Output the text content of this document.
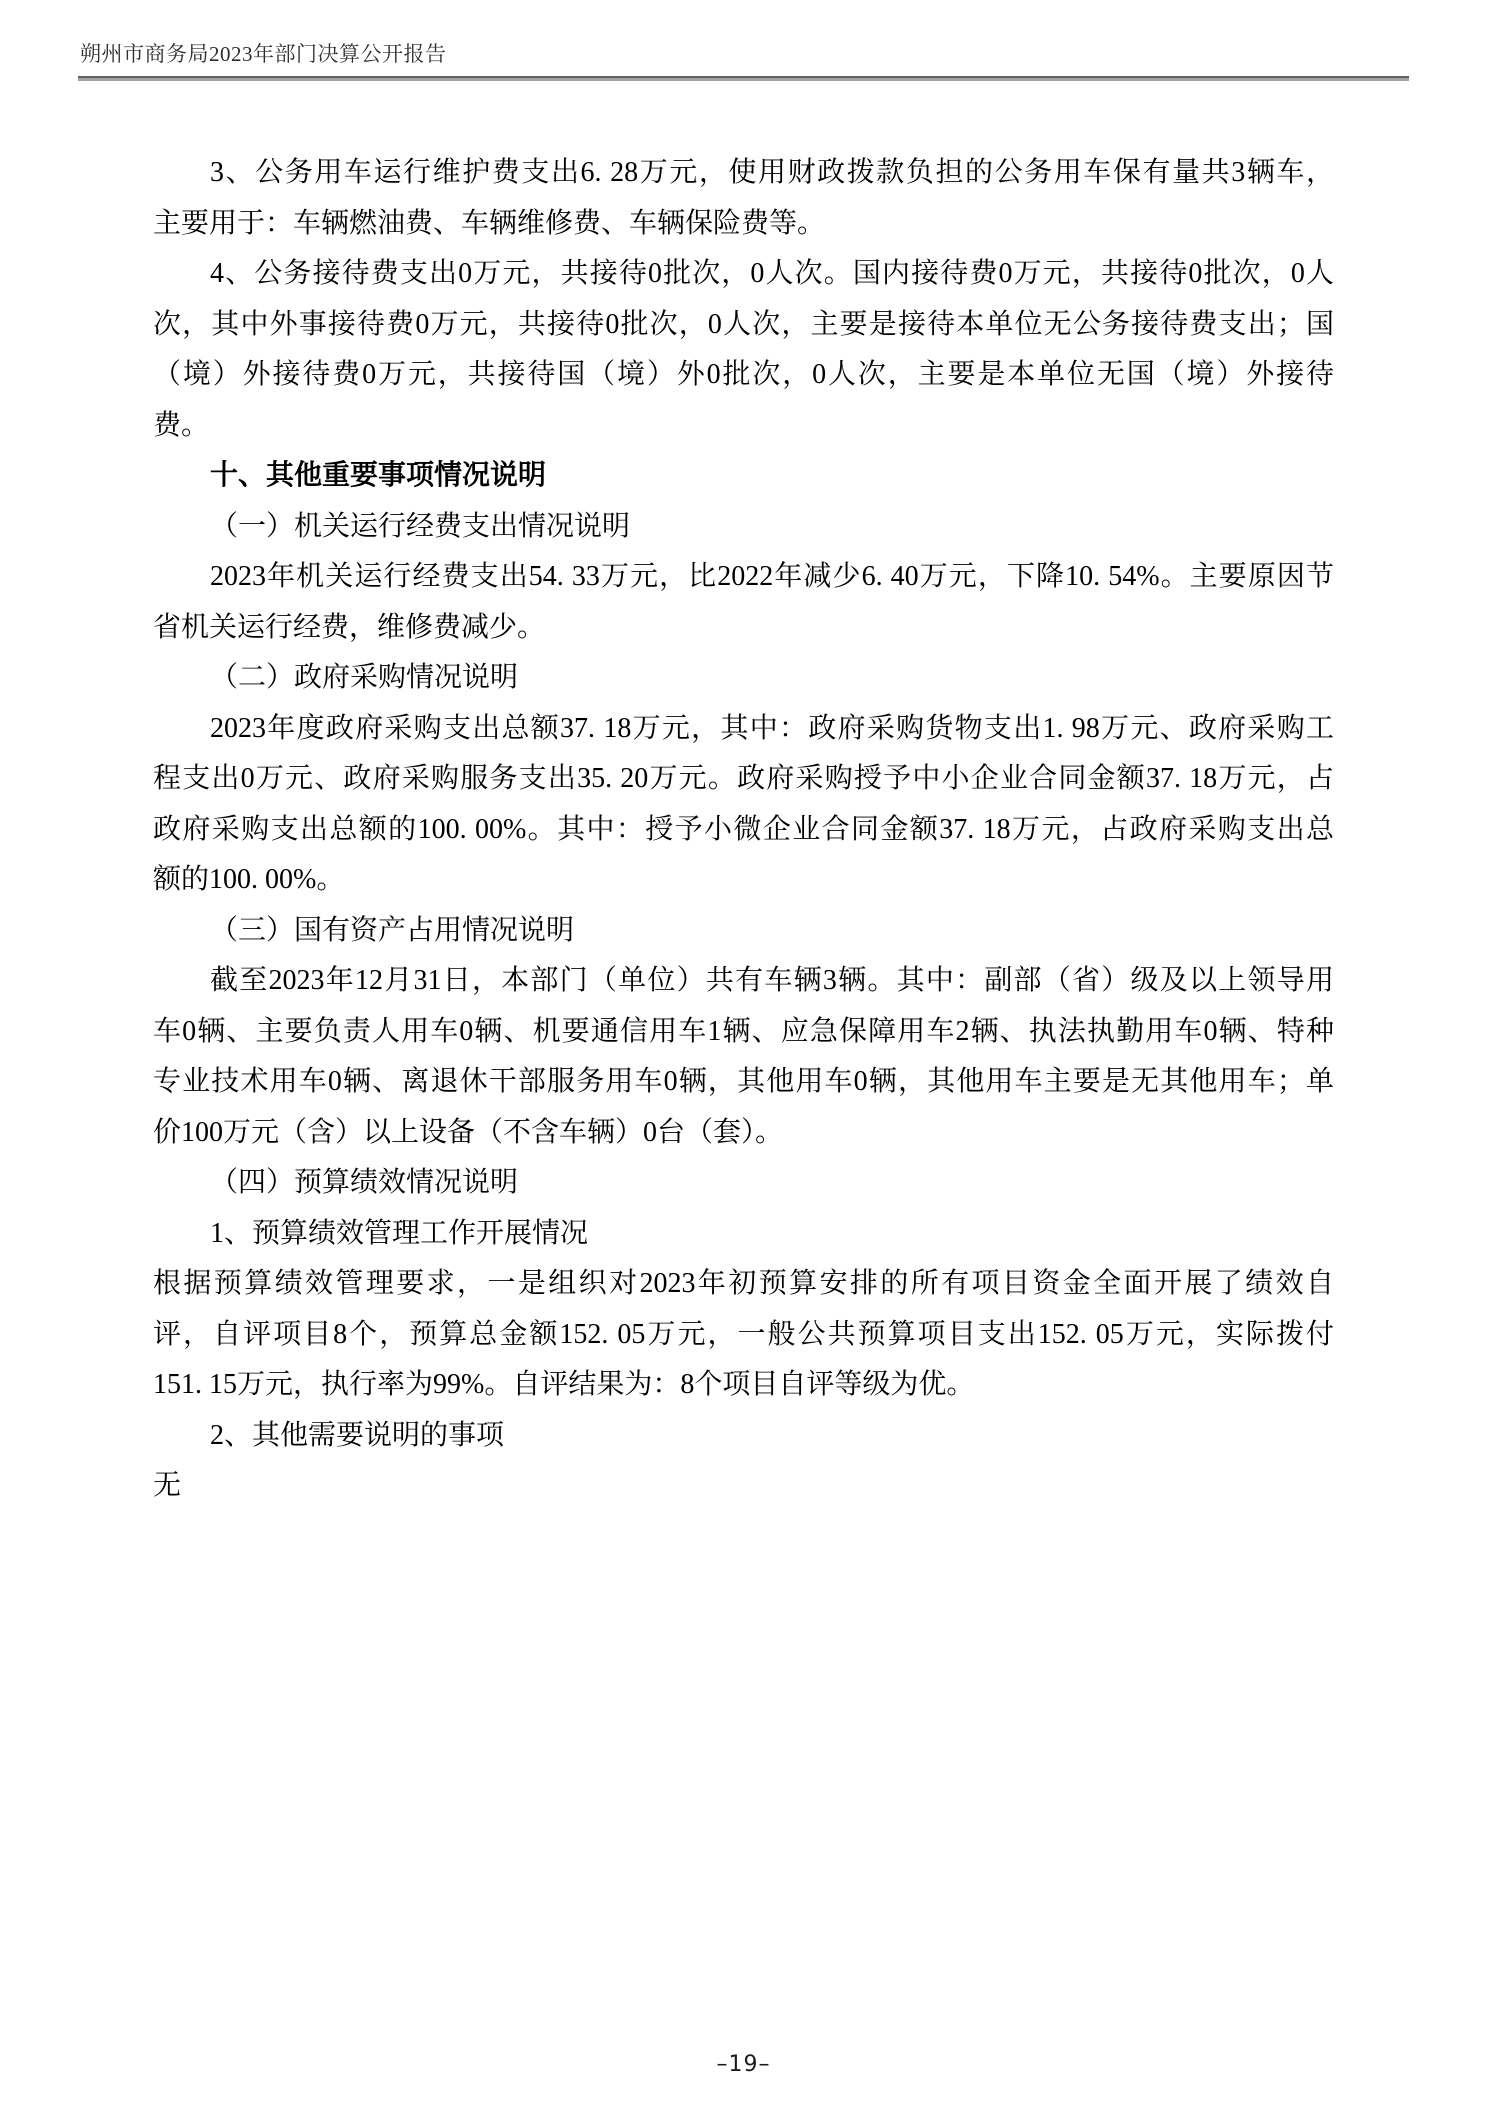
朔州市商务局2023年部门决算公开报告
3、公务用车运行维护费支出6. 28万元，使用财政拨款负担的公务用车保有量共3辆车，
主要用于：车辆燃油费、车辆维修费、车辆保险费等。
4、公务接待费支出0万元，共接待0批次，0人次。国内接待费0万元，共接待0批次，0人
次，其中外事接待费0万元，共接待0批次，0人次，主要是接待本单位无公务接待费支出；国
（境）外接待费0万元，共接待国（境）外0批次，0人次，主要是本单位无国（境）外接待
费。
十、其他重要事项情况说明
（一）机关运行经费支出情况说明
2023年机关运行经费支出54. 33万元，比2022年减少6. 40万元，下降10. 54%。主要原因节
省机关运行经费，维修费减少。
（二）政府采购情况说明
2023年度政府采购支出总额37. 18万元，其中：政府采购货物支出1. 98万元、政府采购工
程支出0万元、政府采购服务支出35. 20万元。政府采购授予中小企业合同金额37. 18万元，占
政府采购支出总额的100. 00%。其中：授予小微企业合同金额37. 18万元，占政府采购支出总
额的100. 00%。
（三）国有资产占用情况说明
截至2023年12月31日，本部门（单位）共有车辆3辆。其中：副部（省）级及以上领导用
车0辆、主要负责人用车0辆、机要通信用车1辆、应急保障用车2辆、执法执勤用车0辆、特种
专业技术用车0辆、离退休干部服务用车0辆，其他用车0辆，其他用车主要是无其他用车；单
价100万元（含）以上设备（不含车辆）0台（套）。
（四）预算绩效情况说明
1、预算绩效管理工作开展情况
根据预算绩效管理要求，一是组织对2023年初预算安排的所有项目资金全面开展了绩效自
评，自评项目8个，预算总金额152. 05万元，一般公共预算项目支出152. 05万元，实际拨付
151. 15万元，执行率为99%。自评结果为：8个项目自评等级为优。
2、其他需要说明的事项
无
–19–
